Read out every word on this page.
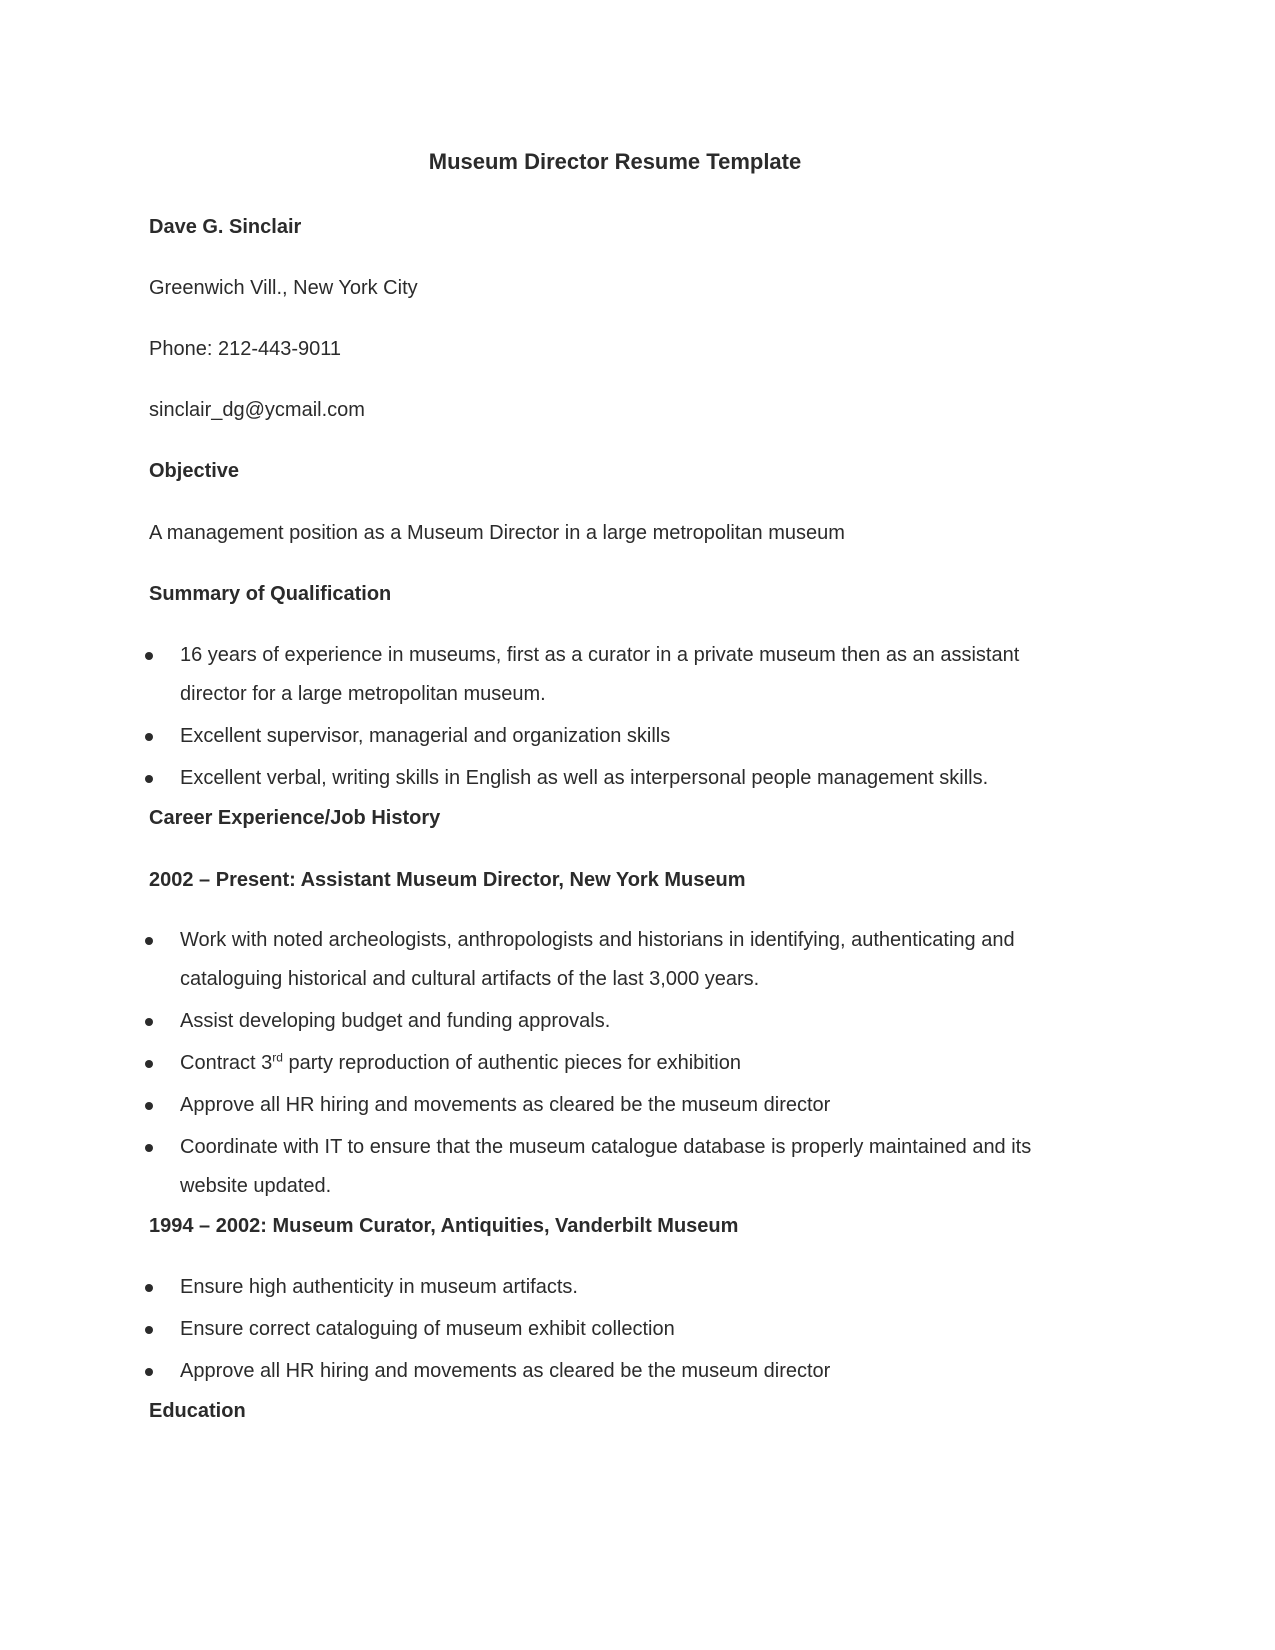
Museum Director Resume Template

Dave G. Sinclair

Greenwich Vill., New York City

Phone: 212-443-9011

sinclair_dg@ycmail.com

Objective

A management position as a Museum Director in a large metropolitan museum

Summary of Qualification

16 years of experience in museums, first as a curator in a private museum then as an assistant director for a large metropolitan museum.
Excellent supervisor, managerial and organization skills
Excellent verbal, writing skills in English as well as interpersonal people management skills.

Career Experience/Job History

2002 – Present: Assistant Museum Director, New York Museum

Work with noted archeologists, anthropologists and historians in identifying, authenticating and cataloguing historical and cultural artifacts of the last 3,000 years.
Assist developing budget and funding approvals.
Contract 3rd party reproduction of authentic pieces for exhibition
Approve all HR hiring and movements as cleared be the museum director
Coordinate with IT to ensure that the museum catalogue database is properly maintained and its website updated.

1994 – 2002: Museum Curator, Antiquities, Vanderbilt Museum

Ensure high authenticity in museum artifacts.
Ensure correct cataloguing of museum exhibit collection
Approve all HR hiring and movements as cleared be the museum director

Education
